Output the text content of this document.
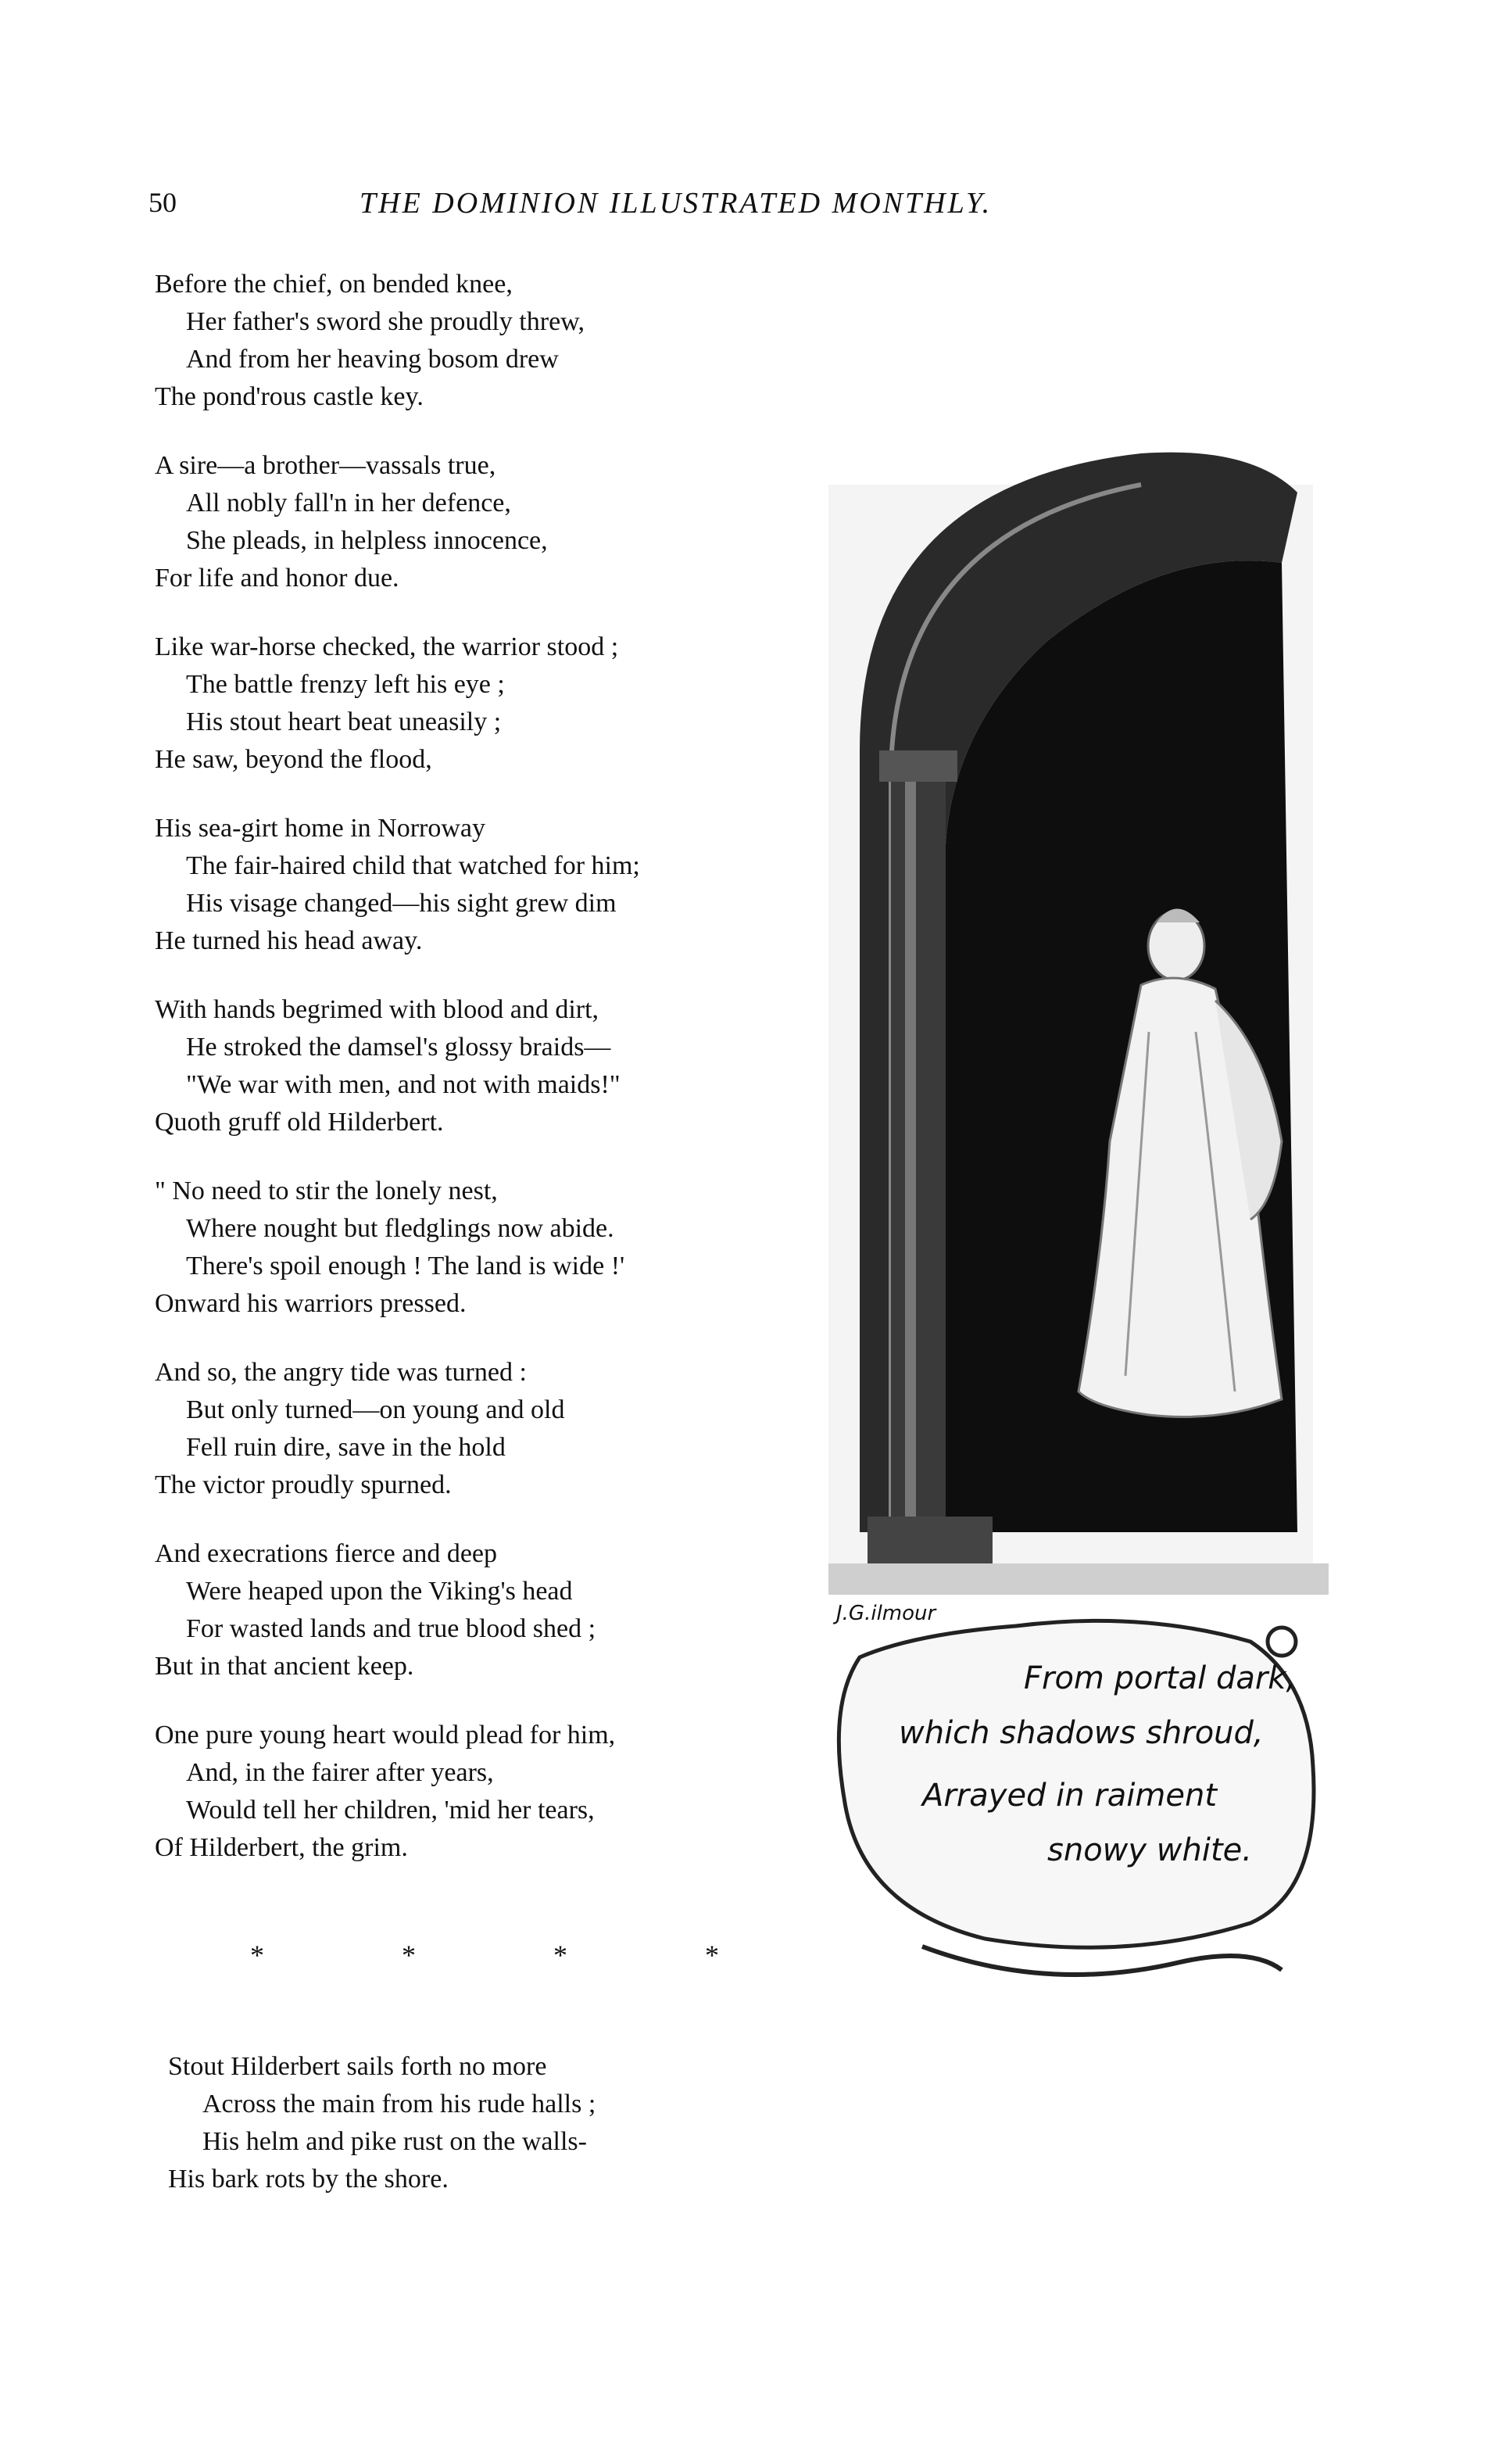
50	THE DOMINION ILLUSTRATED MONTHLY.
Before the chief, on bended knee,
Her father's sword she proudly threw,
And from her heaving bosom drew
The pond'rous castle key.
A sire—a brother—vassals true,
All nobly fall'n in her defence,
She pleads, in helpless innocence,
For life and honor due.
Like war-horse checked, the warrior stood ;
The battle frenzy left his eye ;
His stout heart beat uneasily ;
He saw, beyond the flood,
His sea-girt home in Norroway
The fair-haired child that watched for him;
His visage changed—his sight grew dim
He turned his head away.
With hands begrimed with blood and dirt,
He stroked the damsel's glossy braids—
"We war with men, and not with maids!"
Quoth gruff old Hilderbert.
" No need to stir the lonely nest,
Where nought but fledglings now abide.
There's spoil enough ! The land is wide !'
Onward his warriors pressed.
And so, the angry tide was turned :
But only turned—on young and old
Fell ruin dire, save in the hold
The victor proudly spurned.
And execrations fierce and deep
Were heaped upon the Viking's head
For wasted lands and true blood shed ;
But in that ancient keep.
One pure young heart would plead for him,
And, in the fairer after years,
Would tell her children, 'mid her tears,
Of Hilderbert, the grim.
*	*	*	*
Stout Hilderbert sails forth no more
Across the main from his rude halls ;
His helm and pike rust on the walls-
His bark rots by the shore.
J.G.ilmour
From portal dark,
which shadows shroud,
Arrayed in raiment
snowy white.
